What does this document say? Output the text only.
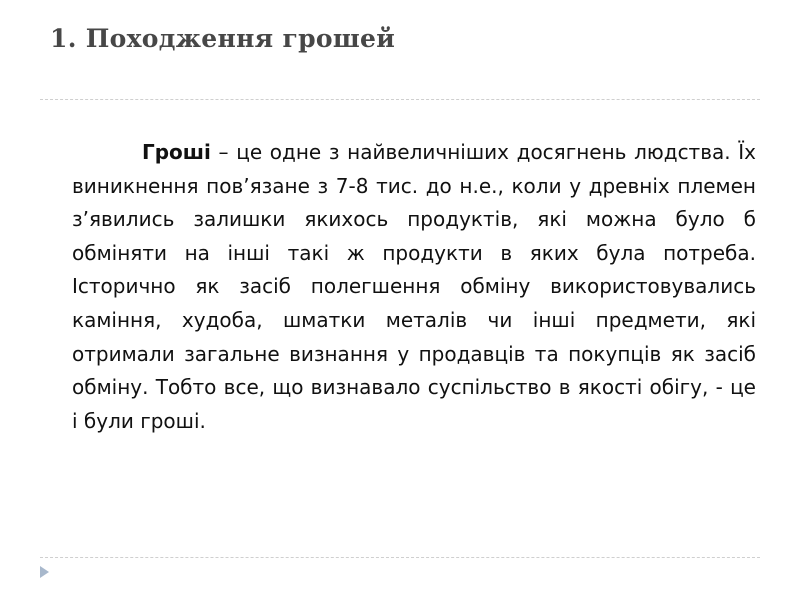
1. Походження грошей

Гроші – це одне з найвеличніших досягнень людства. Їх виникнення пов’язане з 7-8 тис. до н.е., коли у древніх племен з’явились залишки якихось продуктів, які можна було б обміняти на інші такі ж продукти в яких була потреба. Історично як засіб полегшення обміну використовувались каміння, худоба, шматки металів чи інші предмети, які отримали загальне визнання у продавців та покупців як засіб обміну. Тобто все, що визнавало суспільство в якості обігу, - це і були гроші.
